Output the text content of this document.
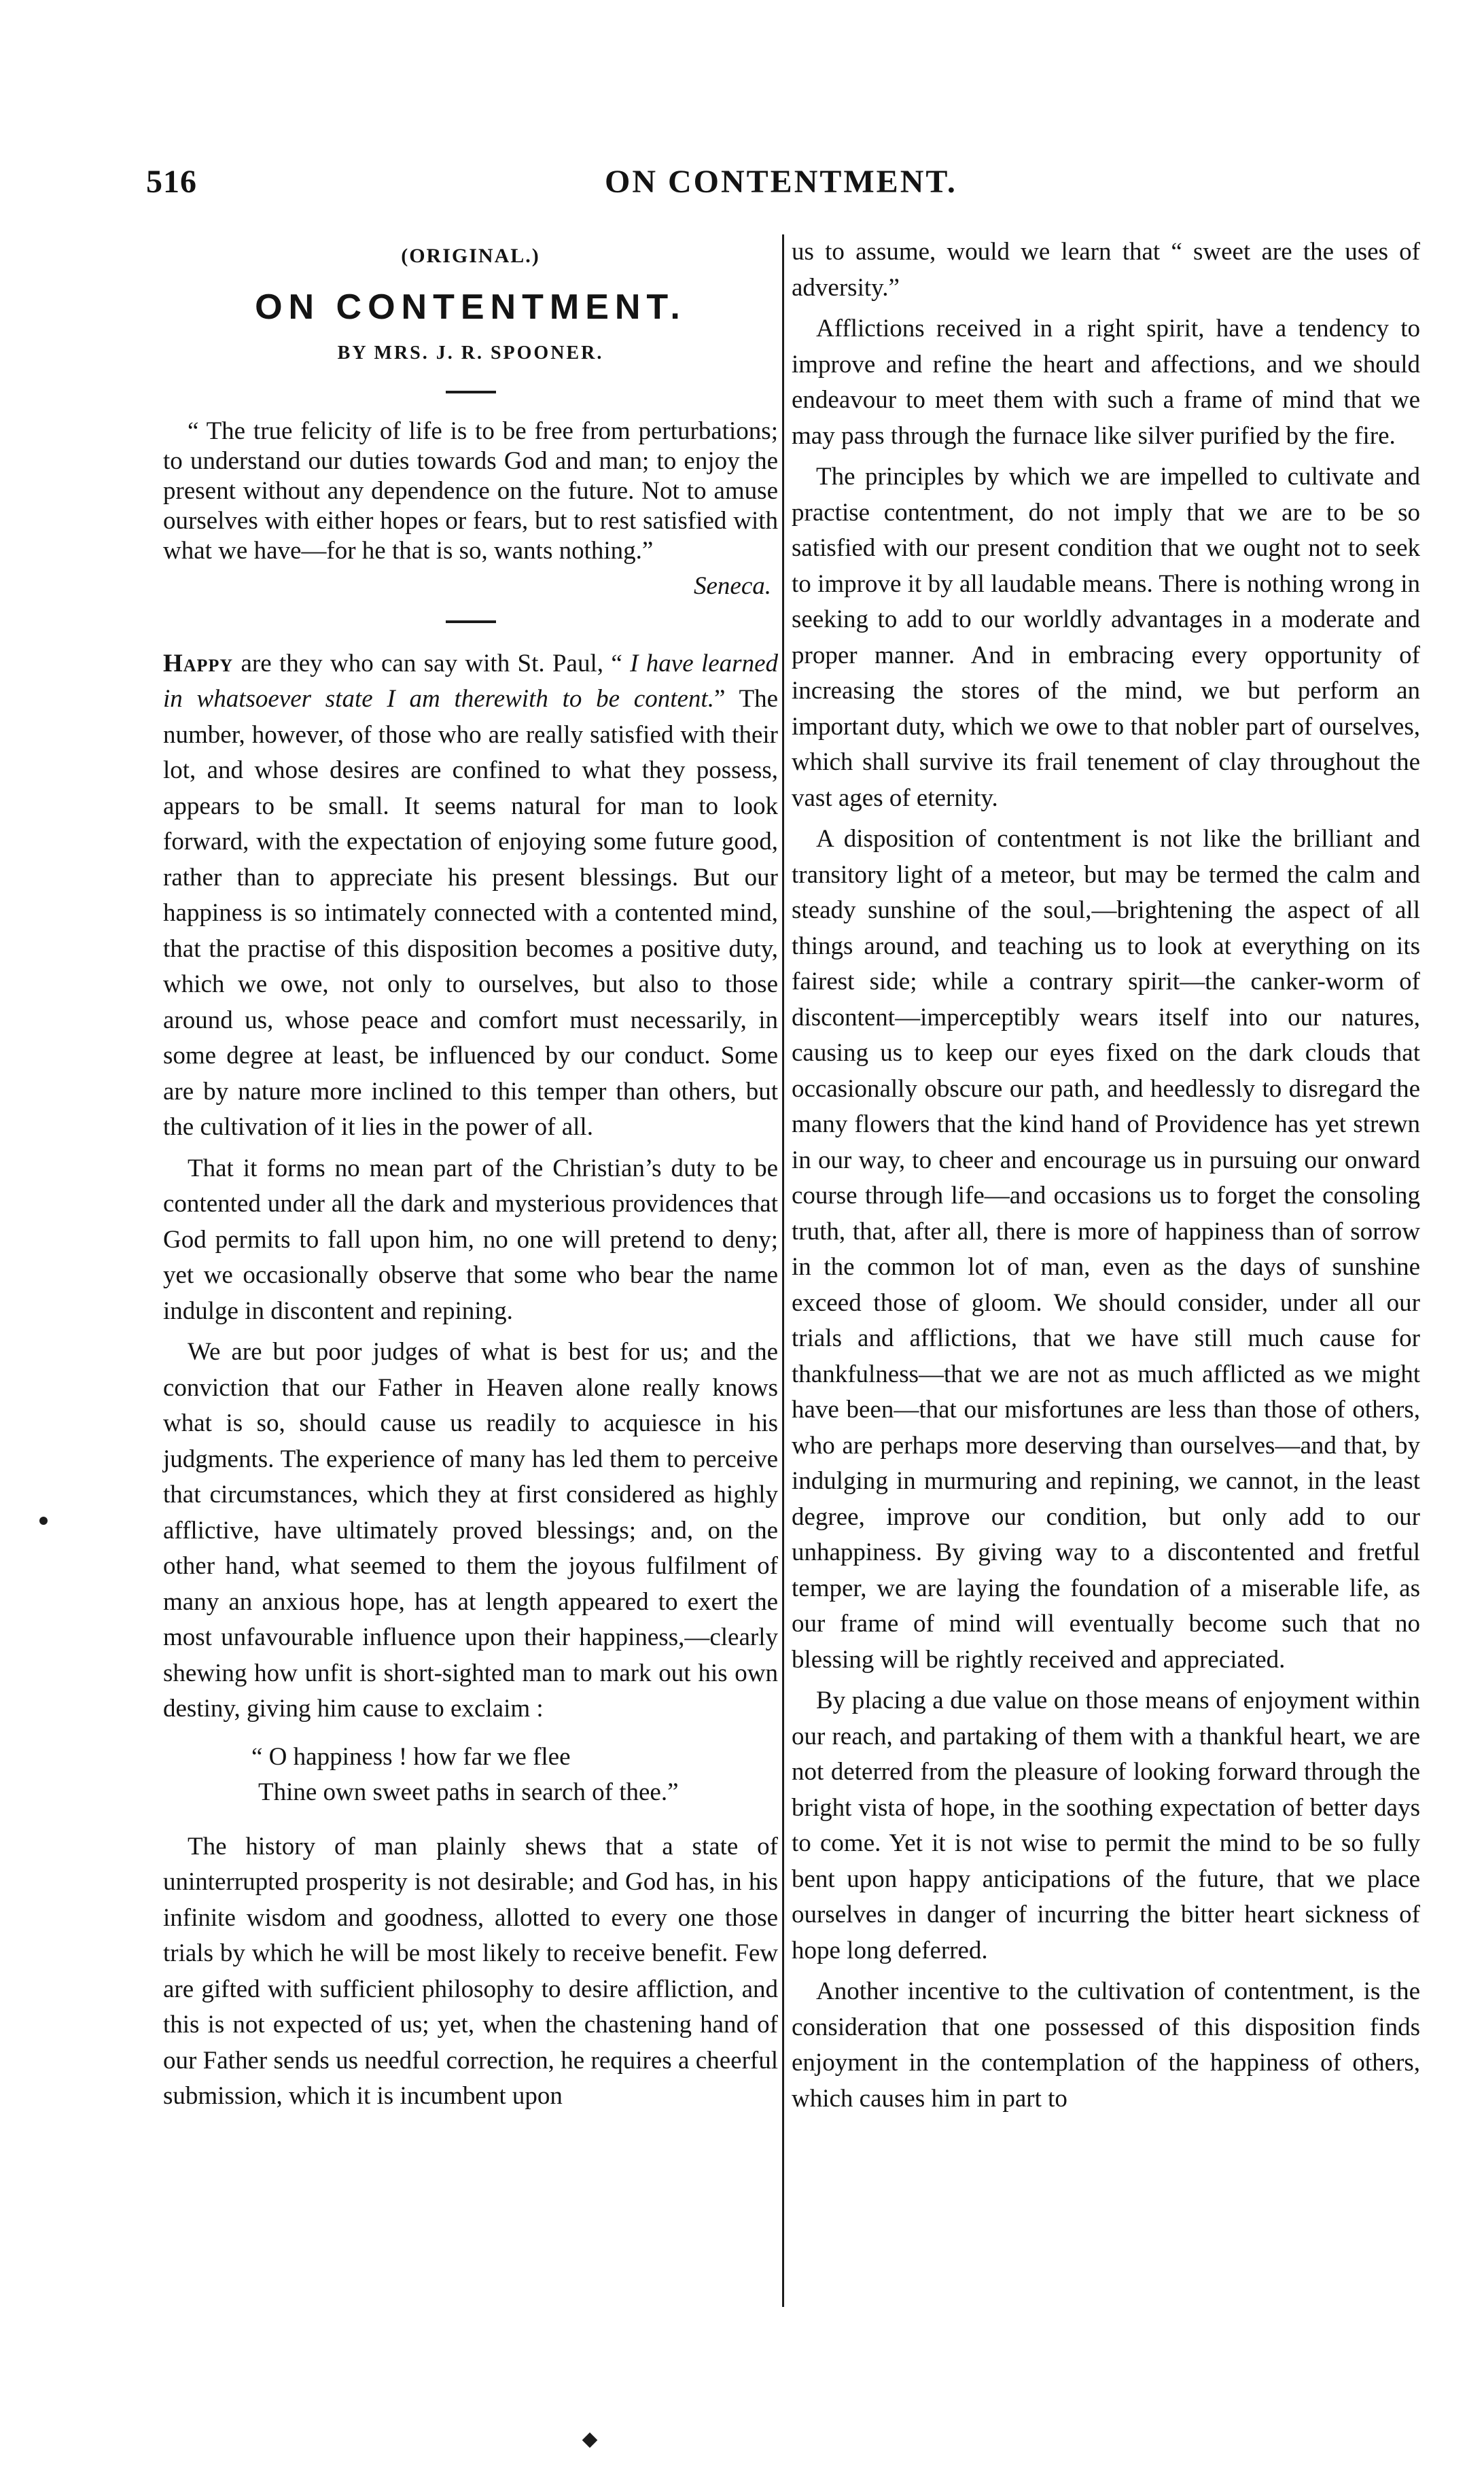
516	ON CONTENTMENT.
(ORIGINAL.)
ON CONTENTMENT.
BY MRS. J. R. SPOONER.
“ The true felicity of life is to be free from perturbations; to understand our duties towards God and man; to enjoy the present without any dependence on the future. Not to amuse ourselves with either hopes or fears, but to rest satisfied with what we have—for he that is so, wants nothing.”
Seneca.

Happy are they who can say with St. Paul, “ I have learned in whatsoever state I am therewith to be content.” The number, however, of those who are really satisfied with their lot, and whose desires are confined to what they possess, appears to be small. It seems natural for man to look forward, with the expectation of enjoying some future good, rather than to appreciate his present blessings. But our happiness is so intimately connected with a contented mind, that the practise of this disposition becomes a positive duty, which we owe, not only to ourselves, but also to those around us, whose peace and comfort must necessarily, in some degree at least, be influenced by our conduct. Some are by nature more inclined to this temper than others, but the cultivation of it lies in the power of all.

That it forms no mean part of the Christian’s duty to be contented under all the dark and mysterious providences that God permits to fall upon him, no one will pretend to deny; yet we occasionally observe that some who bear the name indulge in discontent and repining.

We are but poor judges of what is best for us; and the conviction that our Father in Heaven alone really knows what is so, should cause us readily to acquiesce in his judgments. The experience of many has led them to perceive that circumstances, which they at first considered as highly afflictive, have ultimately proved blessings; and, on the other hand, what seemed to them the joyous fulfilment of many an anxious hope, has at length appeared to exert the most unfavourable influence upon their happiness,—clearly shewing how unfit is short-sighted man to mark out his own destiny, giving him cause to exclaim :

“ O happiness ! how far we flee
Thine own sweet paths in search of thee.”

The history of man plainly shews that a state of uninterrupted prosperity is not desirable; and God has, in his infinite wisdom and goodness, allotted to every one those trials by which he will be most likely to receive benefit. Few are gifted with sufficient philosophy to desire affliction, and this is not expected of us; yet, when the chastening hand of our Father sends us needful correction, he requires a cheerful submission, which it is incumbent upon

us to assume, would we learn that “ sweet are the uses of adversity.”

Afflictions received in a right spirit, have a tendency to improve and refine the heart and affections, and we should endeavour to meet them with such a frame of mind that we may pass through the furnace like silver purified by the fire.

The principles by which we are impelled to cultivate and practise contentment, do not imply that we are to be so satisfied with our present condition that we ought not to seek to improve it by all laudable means. There is nothing wrong in seeking to add to our worldly advantages in a moderate and proper manner. And in embracing every opportunity of increasing the stores of the mind, we but perform an important duty, which we owe to that nobler part of ourselves, which shall survive its frail tenement of clay throughout the vast ages of eternity.

A disposition of contentment is not like the brilliant and transitory light of a meteor, but may be termed the calm and steady sunshine of the soul,—brightening the aspect of all things around, and teaching us to look at everything on its fairest side; while a contrary spirit—the canker-worm of discontent—imperceptibly wears itself into our natures, causing us to keep our eyes fixed on the dark clouds that occasionally obscure our path, and heedlessly to disregard the many flowers that the kind hand of Providence has yet strewn in our way, to cheer and encourage us in pursuing our onward course through life—and occasions us to forget the consoling truth, that, after all, there is more of happiness than of sorrow in the common lot of man, even as the days of sunshine exceed those of gloom. We should consider, under all our trials and afflictions, that we have still much cause for thankfulness—that we are not as much afflicted as we might have been—that our misfortunes are less than those of others, who are perhaps more deserving than ourselves—and that, by indulging in murmuring and repining, we cannot, in the least degree, improve our condition, but only add to our unhappiness. By giving way to a discontented and fretful temper, we are laying the foundation of a miserable life, as our frame of mind will eventually become such that no blessing will be rightly received and appreciated.

By placing a due value on those means of enjoyment within our reach, and partaking of them with a thankful heart, we are not deterred from the pleasure of looking forward through the bright vista of hope, in the soothing expectation of better days to come. Yet it is not wise to permit the mind to be so fully bent upon happy anticipations of the future, that we place ourselves in danger of incurring the bitter heart sickness of hope long deferred.

Another incentive to the cultivation of contentment, is the consideration that one possessed of this disposition finds enjoyment in the contemplation of the happiness of others, which causes him in part to
